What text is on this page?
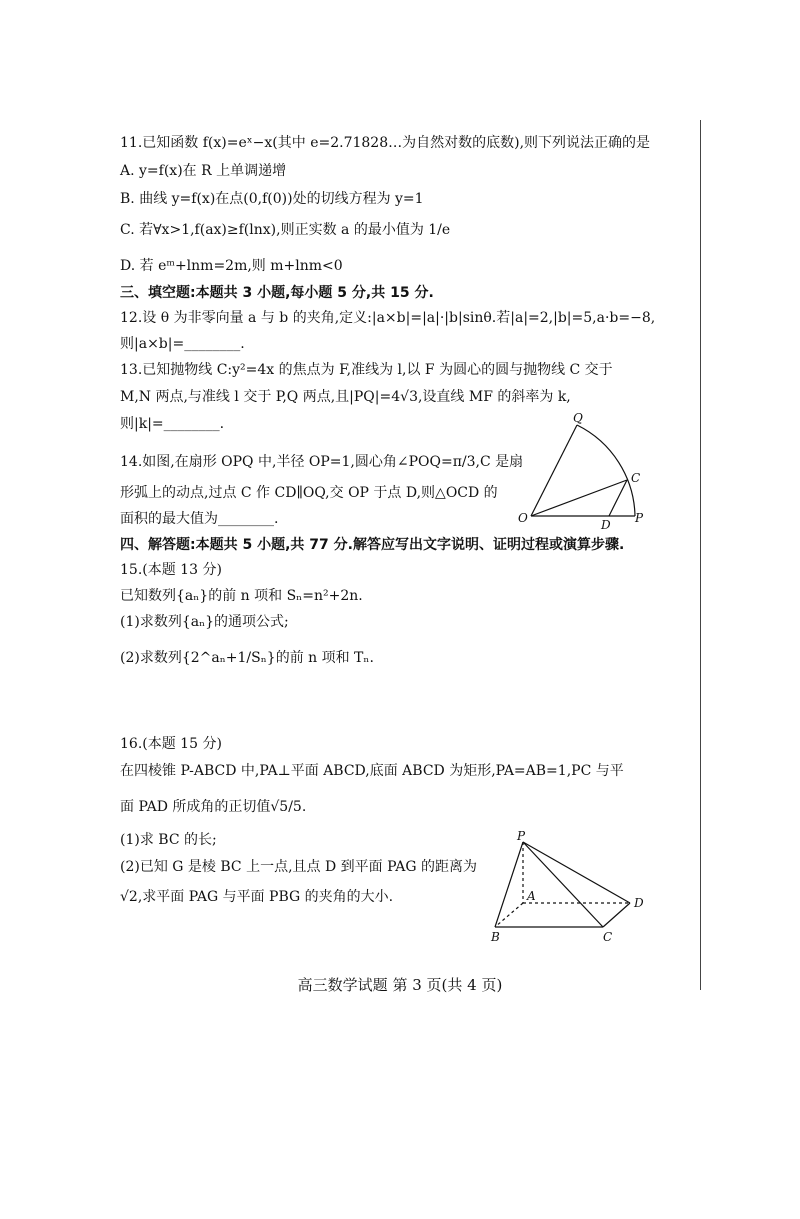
11.已知函数 f(x)=eˣ−x(其中 e=2.71828…为自然对数的底数),则下列说法正确的是
A. y=f(x)在 R 上单调递增
B. 曲线 y=f(x)在点(0,f(0))处的切线方程为 y=1
C. 若∀x>1,f(ax)≥f(lnx),则正实数 a 的最小值为 1/e
D. 若 eᵐ+lnm=2m,则 m+lnm<0
三、填空题:本题共 3 小题,每小题 5 分,共 15 分.
12.设 θ 为非零向量 a 与 b 的夹角,定义:|a×b|=|a|·|b|sinθ.若|a|=2,|b|=5,a·b=−8,
则|a×b|=________.
13.已知抛物线 C:y²=4x 的焦点为 F,准线为 l,以 F 为圆心的圆与抛物线 C 交于
M,N 两点,与准线 l 交于 P,Q 两点,且|PQ|=4√3,设直线 MF 的斜率为 k,
则|k|=________.
14.如图,在扇形 OPQ 中,半径 OP=1,圆心角∠POQ=π/3,C 是扇
形弧上的动点,过点 C 作 CD∥OQ,交 OP 于点 D,则△OCD 的
面积的最大值为________.
Q
C
O	D P
四、解答题:本题共 5 小题,共 77 分.解答应写出文字说明、证明过程或演算步骤.
15.(本题 13 分)
已知数列{aₙ}的前 n 项和 Sₙ=n²+2n.
(1)求数列{aₙ}的通项公式;
(2)求数列{2^aₙ+1/Sₙ}的前 n 项和 Tₙ.
16.(本题 15 分)
在四棱锥 P-ABCD 中,PA⊥平面 ABCD,底面 ABCD 为矩形,PA=AB=1,PC 与平
面 PAD 所成角的正切值√5/5.
(1)求 BC 的长;
(2)已知 G 是棱 BC 上一点,且点 D 到平面 PAG 的距离为
√2,求平面 PAG 与平面 PBG 的夹角的大小.
P
A
B	C
D
高三数学试题 第 3 页(共 4 页)
